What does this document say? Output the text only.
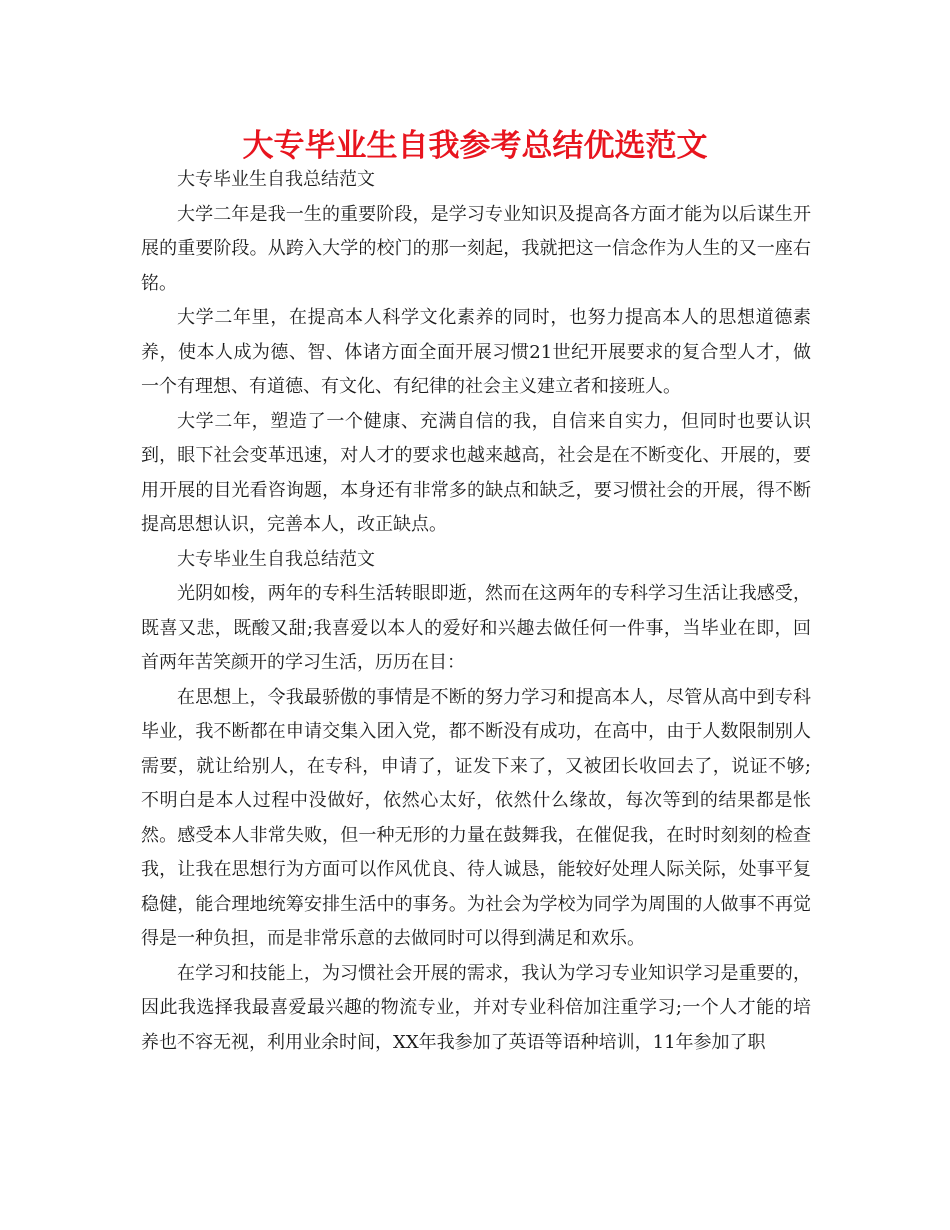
大专毕业生自我参考总结优选范文

大专毕业生自我总结范文

大学二年是我一生的重要阶段，是学习专业知识及提高各方面才能为以后谋生开展的重要阶段。从跨入大学的校门的那一刻起，我就把这一信念作为人生的又一座右铭。

大学二年里，在提高本人科学文化素养的同时，也努力提高本人的思想道德素养，使本人成为德、智、体诸方面全面开展习惯21世纪开展要求的复合型人才，做一个有理想、有道德、有文化、有纪律的社会主义建立者和接班人。

大学二年，塑造了一个健康、充满自信的我，自信来自实力，但同时也要认识到，眼下社会变革迅速，对人才的要求也越来越高，社会是在不断变化、开展的，要用开展的目光看咨询题，本身还有非常多的缺点和缺乏，要习惯社会的开展，得不断提高思想认识，完善本人，改正缺点。

大专毕业生自我总结范文

光阴如梭，两年的专科生活转眼即逝，然而在这两年的专科学习生活让我感受，既喜又悲，既酸又甜;我喜爱以本人的爱好和兴趣去做任何一件事，当毕业在即，回首两年苦笑颜开的学习生活，历历在目：

在思想上，令我最骄傲的事情是不断的努力学习和提高本人，尽管从高中到专科毕业，我不断都在申请交集入团入党，都不断没有成功，在高中，由于人数限制别人需要，就让给别人，在专科，申请了，证发下来了，又被团长收回去了，说证不够;不明白是本人过程中没做好，依然心太好，依然什么缘故，每次等到的结果都是怅然。感受本人非常失败，但一种无形的力量在鼓舞我，在催促我，在时时刻刻的检查我，让我在思想行为方面可以作风优良、待人诚恳，能较好处理人际关际，处事平复稳健，能合理地统筹安排生活中的事务。为社会为学校为同学为周围的人做事不再觉得是一种负担，而是非常乐意的去做同时可以得到满足和欢乐。

在学习和技能上，为习惯社会开展的需求，我认为学习专业知识学习是重要的，因此我选择我最喜爱最兴趣的物流专业，并对专业科倍加注重学习;一个人才能的培养也不容无视，利用业余时间，XX年我参加了英语等语种培训，11年参加了职
